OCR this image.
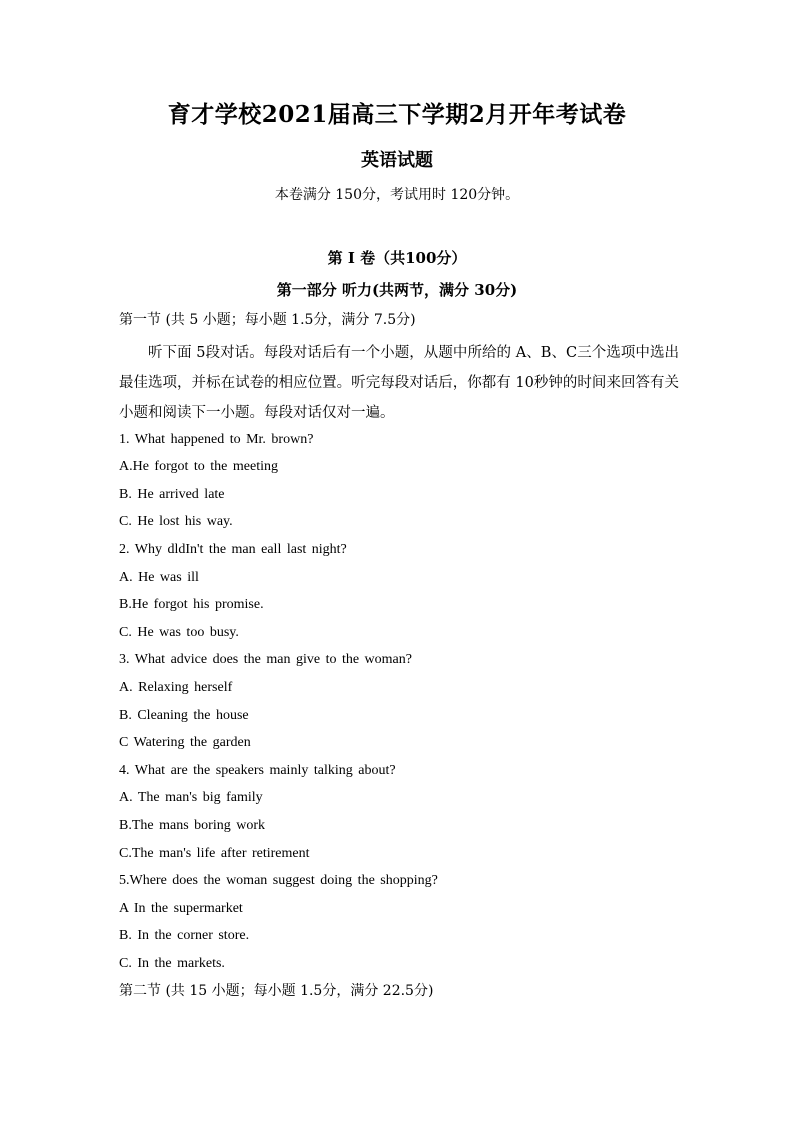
育才学校2021届高三下学期2月开年考试卷
英语试题
本卷满分 150分，考试用时 120分钟。
第 I 卷（共100分）
第一部分 听力(共两节，满分 30分)
第一节 (共 5 小题；每小题 1.5分，满分 7.5分)

听下面 5段对话。每段对话后有一个小题，从题中所给的 A、B、C三个选项中选出最佳选项，并标在试卷的相应位置。听完每段对话后，你都有 10秒钟的时间来回答有关小题和阅读下一小题。每段对话仅对一遍。

1. What happened to Mr. brown?
A.He forgot to the meeting
B. He arrived late
C. He lost his way.
2. Why dldIn't the man eall last night?
A. He was ill
B.He forgot his promise.
C. He was too busy.
3. What advice does the man give to the woman?
A. Relaxing herself
B. Cleaning the house
C Watering the garden
4. What are the speakers mainly talking about?
A. The man's big family
B.The mans boring work
C.The man's life after retirement
5.Where does the woman suggest doing the shopping?
A In the supermarket
B. In the corner store.
C. In the markets.
第二节 (共 15 小题；每小题 1.5分，满分 22.5分)
